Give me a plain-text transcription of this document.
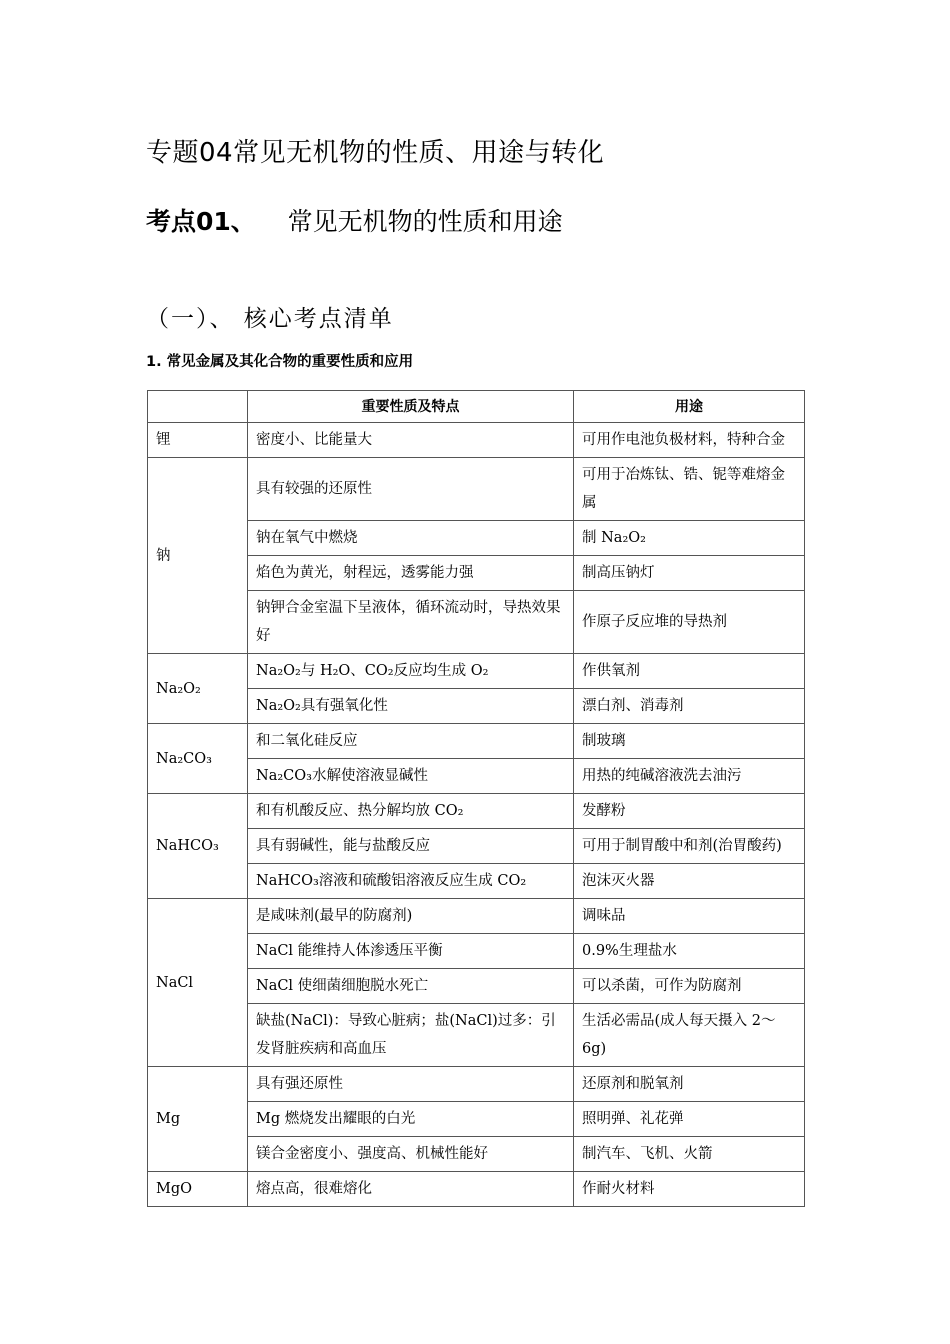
专题04常见无机物的性质、用途与转化
考点01、 常见无机物的性质和用途
（一）、 核心考点清单
1. 常见金属及其化合物的重要性质和应用
	重要性质及特点	用途
锂	密度小、比能量大	可用作电池负极材料，特种合金
钠	具有较强的还原性	可用于冶炼钛、锆、铌等难熔金属
	钠在氧气中燃烧	制 Na₂O₂
	焰色为黄光，射程远，透雾能力强	制高压钠灯
	钠钾合金室温下呈液体，循环流动时，导热效果好	作原子反应堆的导热剂
Na₂O₂	Na₂O₂与 H₂O、CO₂反应均生成 O₂	作供氧剂
	Na₂O₂具有强氧化性	漂白剂、消毒剂
Na₂CO₃	和二氧化硅反应	制玻璃
	Na₂CO₃水解使溶液显碱性	用热的纯碱溶液洗去油污
NaHCO₃	和有机酸反应、热分解均放 CO₂	发酵粉
	具有弱碱性，能与盐酸反应	可用于制胃酸中和剂(治胃酸药)
	NaHCO₃溶液和硫酸铝溶液反应生成 CO₂	泡沫灭火器
NaCl	是咸味剂(最早的防腐剂)	调味品
	NaCl 能维持人体渗透压平衡	0.9%生理盐水
	NaCl 使细菌细胞脱水死亡	可以杀菌，可作为防腐剂
	缺盐(NaCl)：导致心脏病；盐(NaCl)过多：引发肾脏疾病和高血压	生活必需品(成人每天摄入 2～6g)
Mg	具有强还原性	还原剂和脱氧剂
	Mg 燃烧发出耀眼的白光	照明弹、礼花弹
	镁合金密度小、强度高、机械性能好	制汽车、飞机、火箭
MgO	熔点高，很难熔化	作耐火材料
